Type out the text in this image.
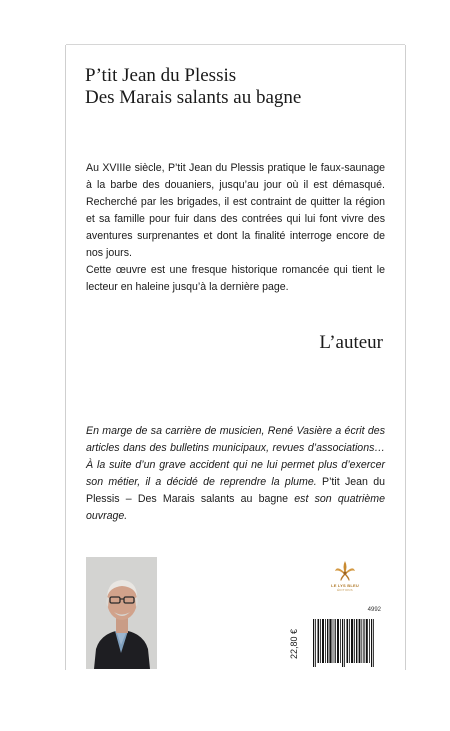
P’tit Jean du Plessis
Des Marais salants au bagne

Au XVIIIe siècle, P’tit Jean du Plessis pratique le faux-saunage à la barbe des douaniers, jusqu’au jour où il est démasqué. Recherché par les brigades, il est contraint de quitter la région et sa famille pour fuir dans des contrées qui lui font vivre des aventures surprenantes et dont la finalité interroge encore de nos jours.

Cette œuvre est une fresque historique romancée qui tient le lecteur en haleine jusqu’à la dernière page.

L’auteur

En marge de sa carrière de musicien, René Vasière a écrit des articles dans des bulletins municipaux, revues d’associations… À la suite d’un grave accident qui ne lui permet plus d’exercer son métier, il a décidé de reprendre la plume. P’tit Jean du Plessis – Des Marais salants au bagne est son quatrième ouvrage.

LE LYS BLEU
ÉDITIONS
22,80 €
4992
